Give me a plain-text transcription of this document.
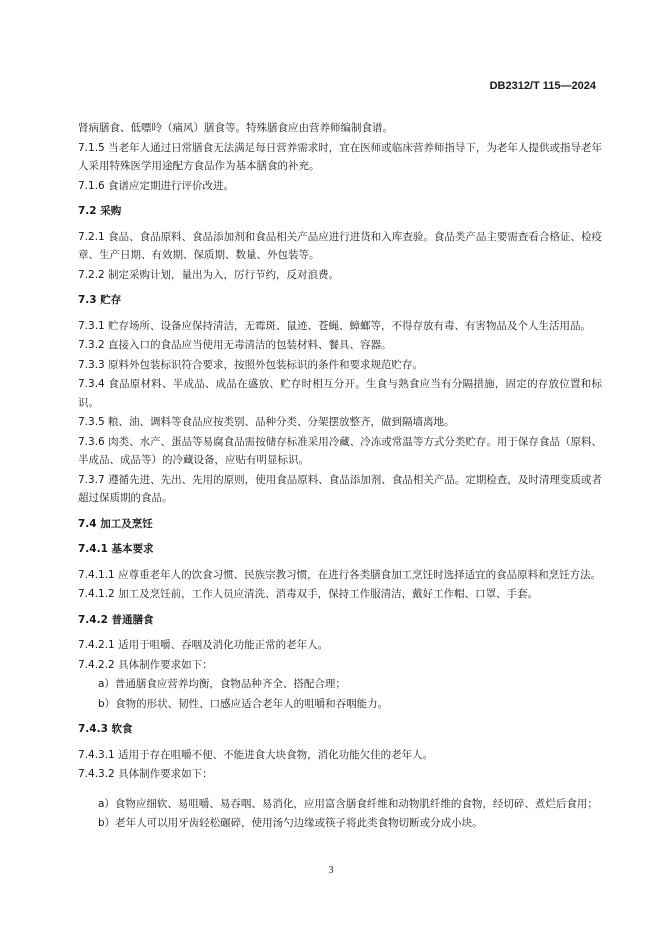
DB2312/T 115—2024
肾病膳食、低嘌呤（痛风）膳食等。特殊膳食应由营养师编制食谱。
7.1.5 当老年人通过日常膳食无法满足每日营养需求时，宜在医师或临床营养师指导下，为老年人提供或指导老年人采用特殊医学用途配方食品作为基本膳食的补充。
7.1.6 食谱应定期进行评价改进。
7.2 采购
7.2.1 食品、食品原料、食品添加剂和食品相关产品应进行进货和入库查验。食品类产品主要需查看合格证、检疫章、生产日期、有效期、保质期、数量、外包装等。
7.2.2 制定采购计划，量出为入，厉行节约，反对浪费。
7.3 贮存
7.3.1 贮存场所、设备应保持清洁，无霉斑、鼠迹、苍蝇、蟑螂等，不得存放有毒、有害物品及个人生活用品。
7.3.2 直接入口的食品应当使用无毒清洁的包装材料、餐具、容器。
7.3.3 原料外包装标识符合要求，按照外包装标识的条件和要求规范贮存。
7.3.4 食品原材料、半成品、成品在盛放、贮存时相互分开。生食与熟食应当有分隔措施，固定的存放位置和标识。
7.3.5 粮、油、调料等食品应按类别、品种分类、分架摆放整齐，做到隔墙离地。
7.3.6 肉类、水产、蛋品等易腐食品需按储存标准采用冷藏、冷冻或常温等方式分类贮存。用于保存食品（原料、半成品、成品等）的冷藏设备，应贴有明显标识。
7.3.7 遵循先进、先出、先用的原则，使用食品原料、食品添加剂、食品相关产品。定期检查，及时清理变质或者超过保质期的食品。
7.4 加工及烹饪
7.4.1 基本要求
7.4.1.1 应尊重老年人的饮食习惯、民族宗教习惯，在进行各类膳食加工烹饪时选择适宜的食品原料和烹饪方法。
7.4.1.2 加工及烹饪前，工作人员应清洗、消毒双手，保持工作服清洁，戴好工作帽、口罩、手套。
7.4.2 普通膳食
7.4.2.1 适用于咀嚼、吞咽及消化功能正常的老年人。
7.4.2.2 具体制作要求如下：
a）普通膳食应营养均衡，食物品种齐全、搭配合理；
b）食物的形状、韧性、口感应适合老年人的咀嚼和吞咽能力。
7.4.3 软食
7.4.3.1 适用于存在咀嚼不便、不能进食大块食物，消化功能欠佳的老年人。
7.4.3.2 具体制作要求如下：
a）食物应细软、易咀嚼、易吞咽、易消化，应用富含膳食纤维和动物肌纤维的食物，经切碎、煮烂后食用；
b）老年人可以用牙齿轻松碾碎，使用汤勺边缘或筷子将此类食物切断或分成小块。
3
